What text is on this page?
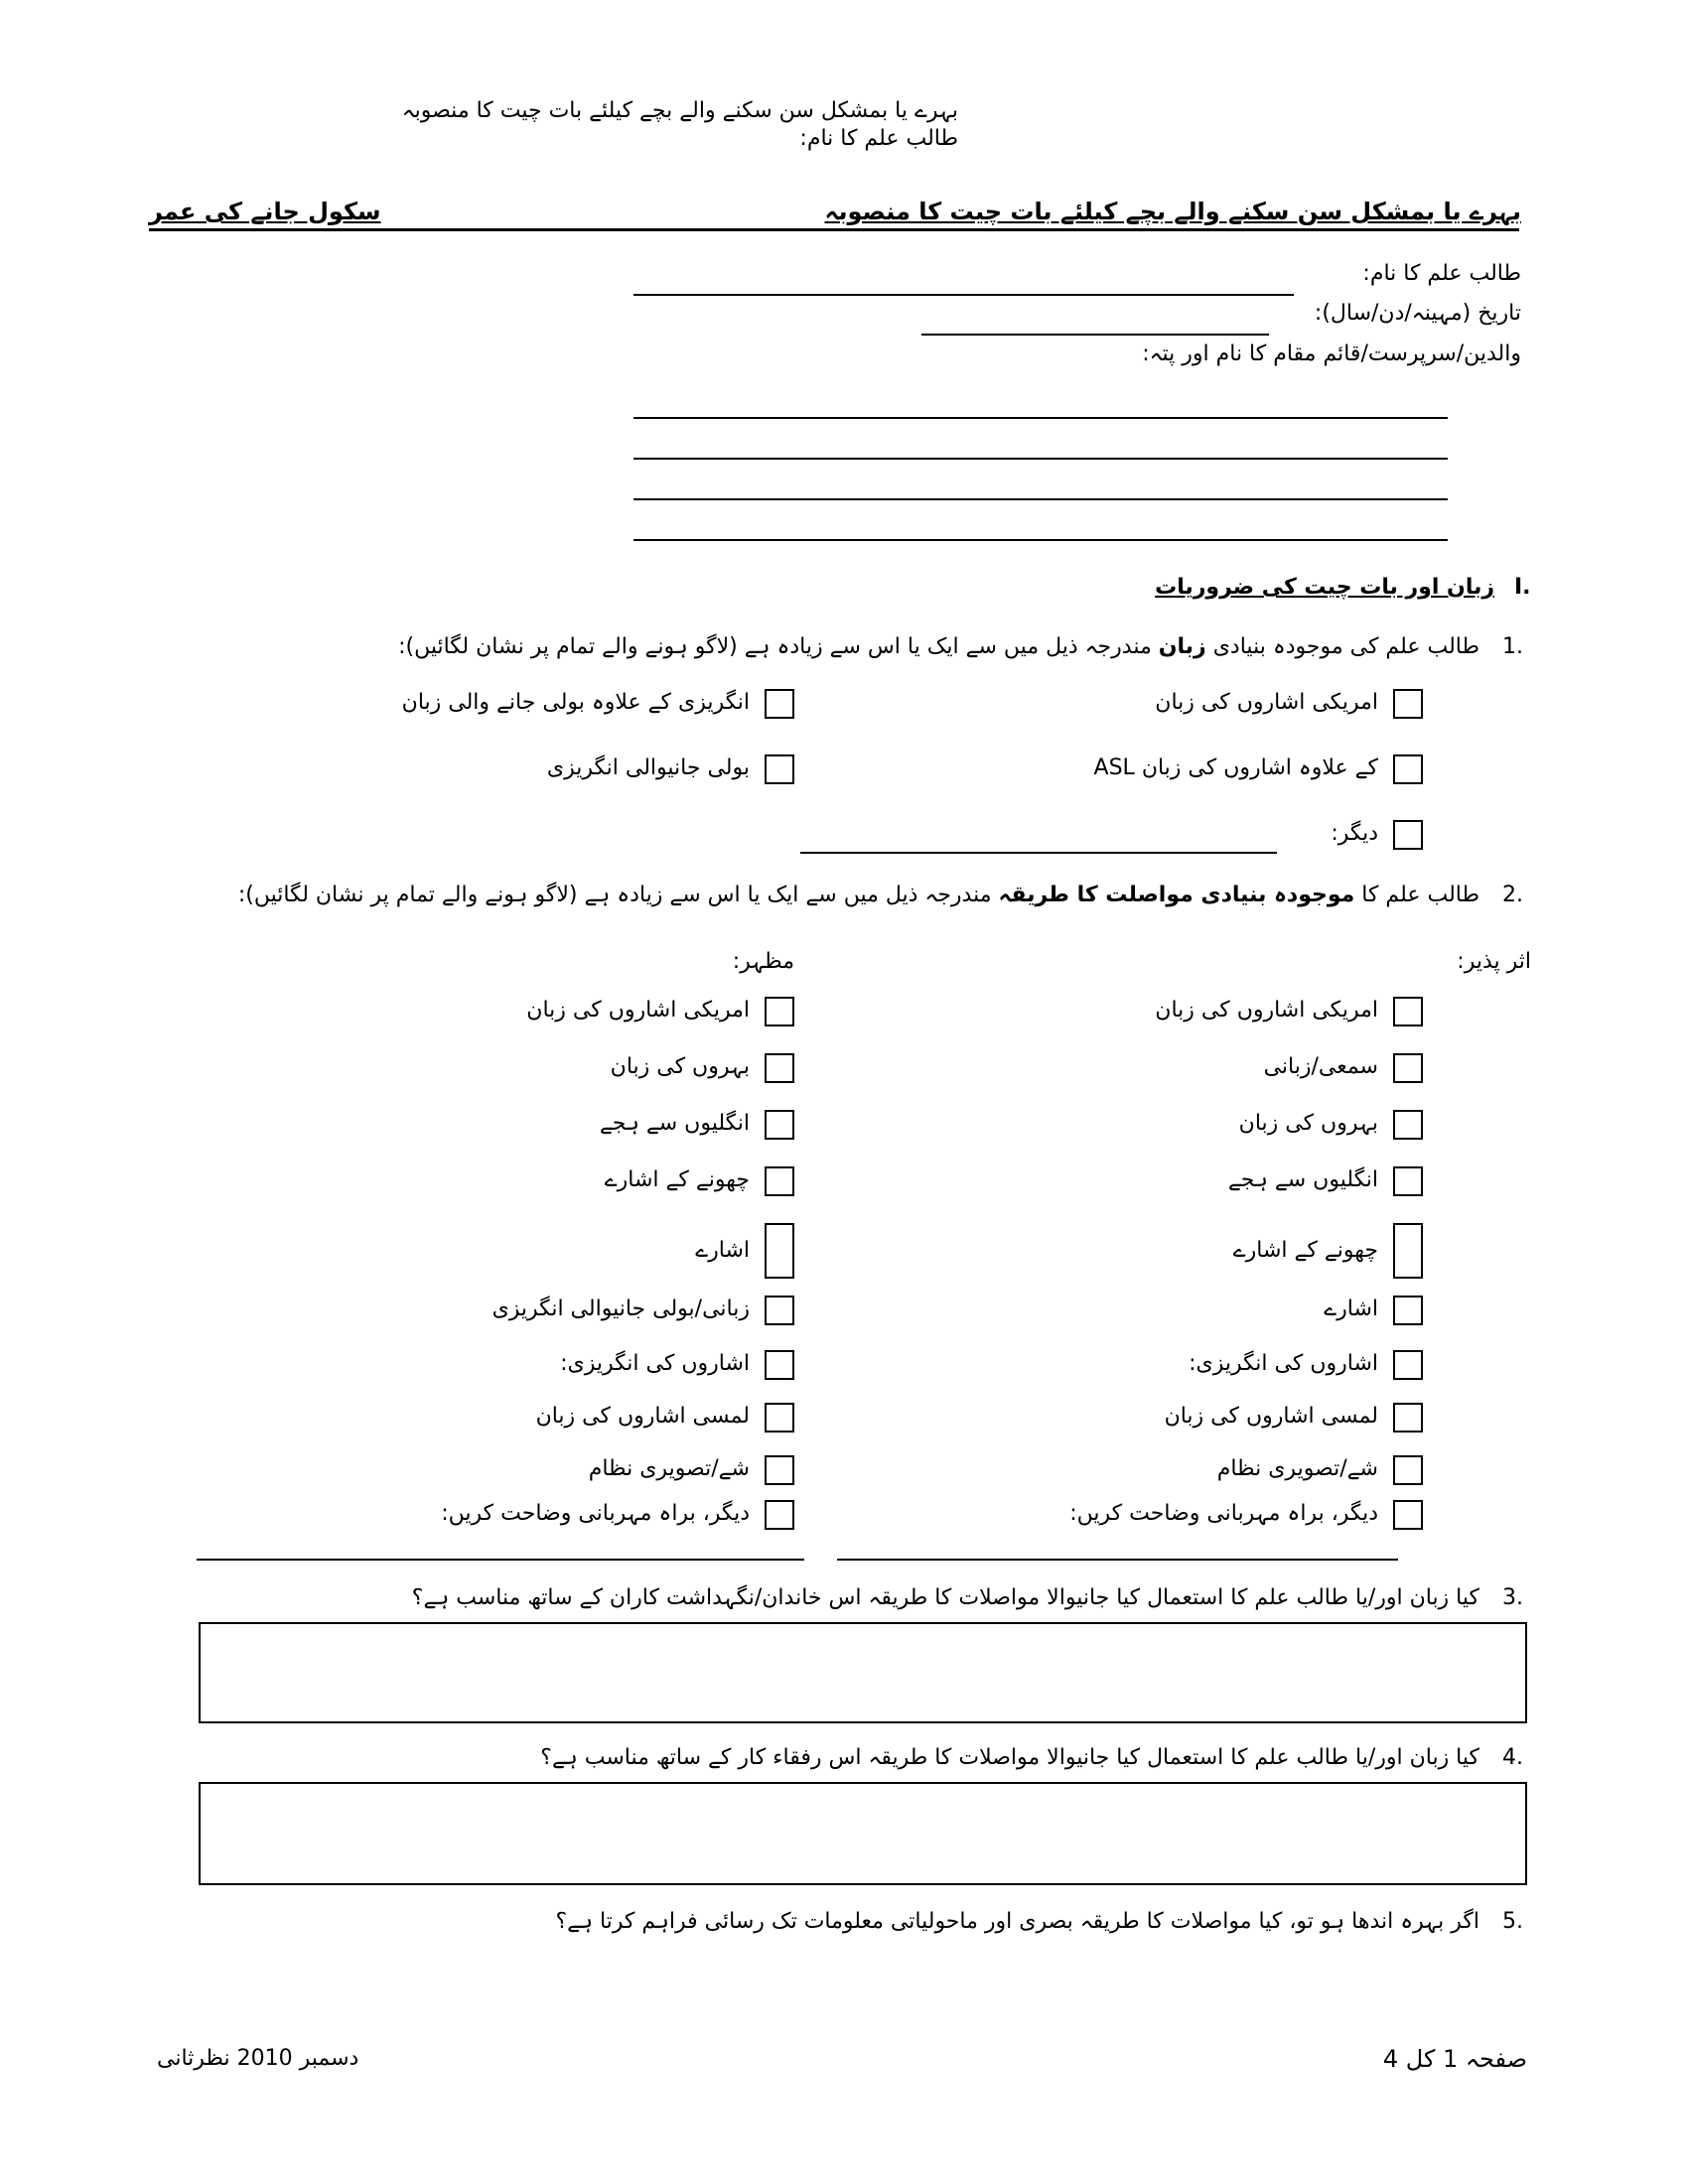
بہرے یا بمشکل سن سکنے والے بچے کیلئے بات چیت کا منصوبہ
طالب علم کا نام:
بہرے یا بمشکل سن سکنے والے بچے کیلئے بات چیت کا منصوبہ
سکول جانے کی عمر
طالب علم کا نام:
تاریخ (مہینہ/دن/سال):
والدین/سرپرست/قائم مقام کا نام اور پتہ:
I.
زبان اور بات چیت کی ضروریات
1.
طالب علم کی موجودہ بنیادی زبان مندرجہ ذیل میں سے ایک یا اس سے زیادہ ہے (لاگو ہونے والے تمام پر نشان لگائیں):
امریکی اشاروں کی زبان
انگریزی کے علاوہ بولی جانے والی زبان
ASL کے علاوہ اشاروں کی زبان
بولی جانیوالی انگریزی
دیگر:
2.
طالب علم کا موجودہ بنیادی مواصلت کا طریقہ مندرجہ ذیل میں سے ایک یا اس سے زیادہ ہے (لاگو ہونے والے تمام پر نشان لگائیں):
اثر پذیر:
مظہر:
امریکی اشاروں کی زبان
سمعی/زبانی
بہروں کی زبان
انگلیوں سے ہجے
چھونے کے اشارے
اشارے
اشاروں کی انگریزی:
لمسی اشاروں کی زبان
شے/تصویری نظام
دیگر، براہ مہربانی وضاحت کریں:
امریکی اشاروں کی زبان
بہروں کی زبان
انگلیوں سے ہجے
چھونے کے اشارے
اشارے
زبانی/بولی جانیوالی انگریزی
اشاروں کی انگریزی:
لمسی اشاروں کی زبان
شے/تصویری نظام
دیگر، براہ مہربانی وضاحت کریں:
3.
کیا زبان اور/یا طالب علم کا استعمال کیا جانیوالا مواصلات کا طریقہ اس خاندان/نگہداشت کاران کے ساتھ مناسب ہے؟
4.
کیا زبان اور/یا طالب علم کا استعمال کیا جانیوالا مواصلات کا طریقہ اس رفقاء کار کے ساتھ مناسب ہے؟
5.
اگر بہرہ اندھا ہو تو، کیا مواصلات کا طریقہ بصری اور ماحولیاتی معلومات تک رسائی فراہم کرتا ہے؟
صفحہ 1 کل 4
دسمبر 2010 نظرثانی
